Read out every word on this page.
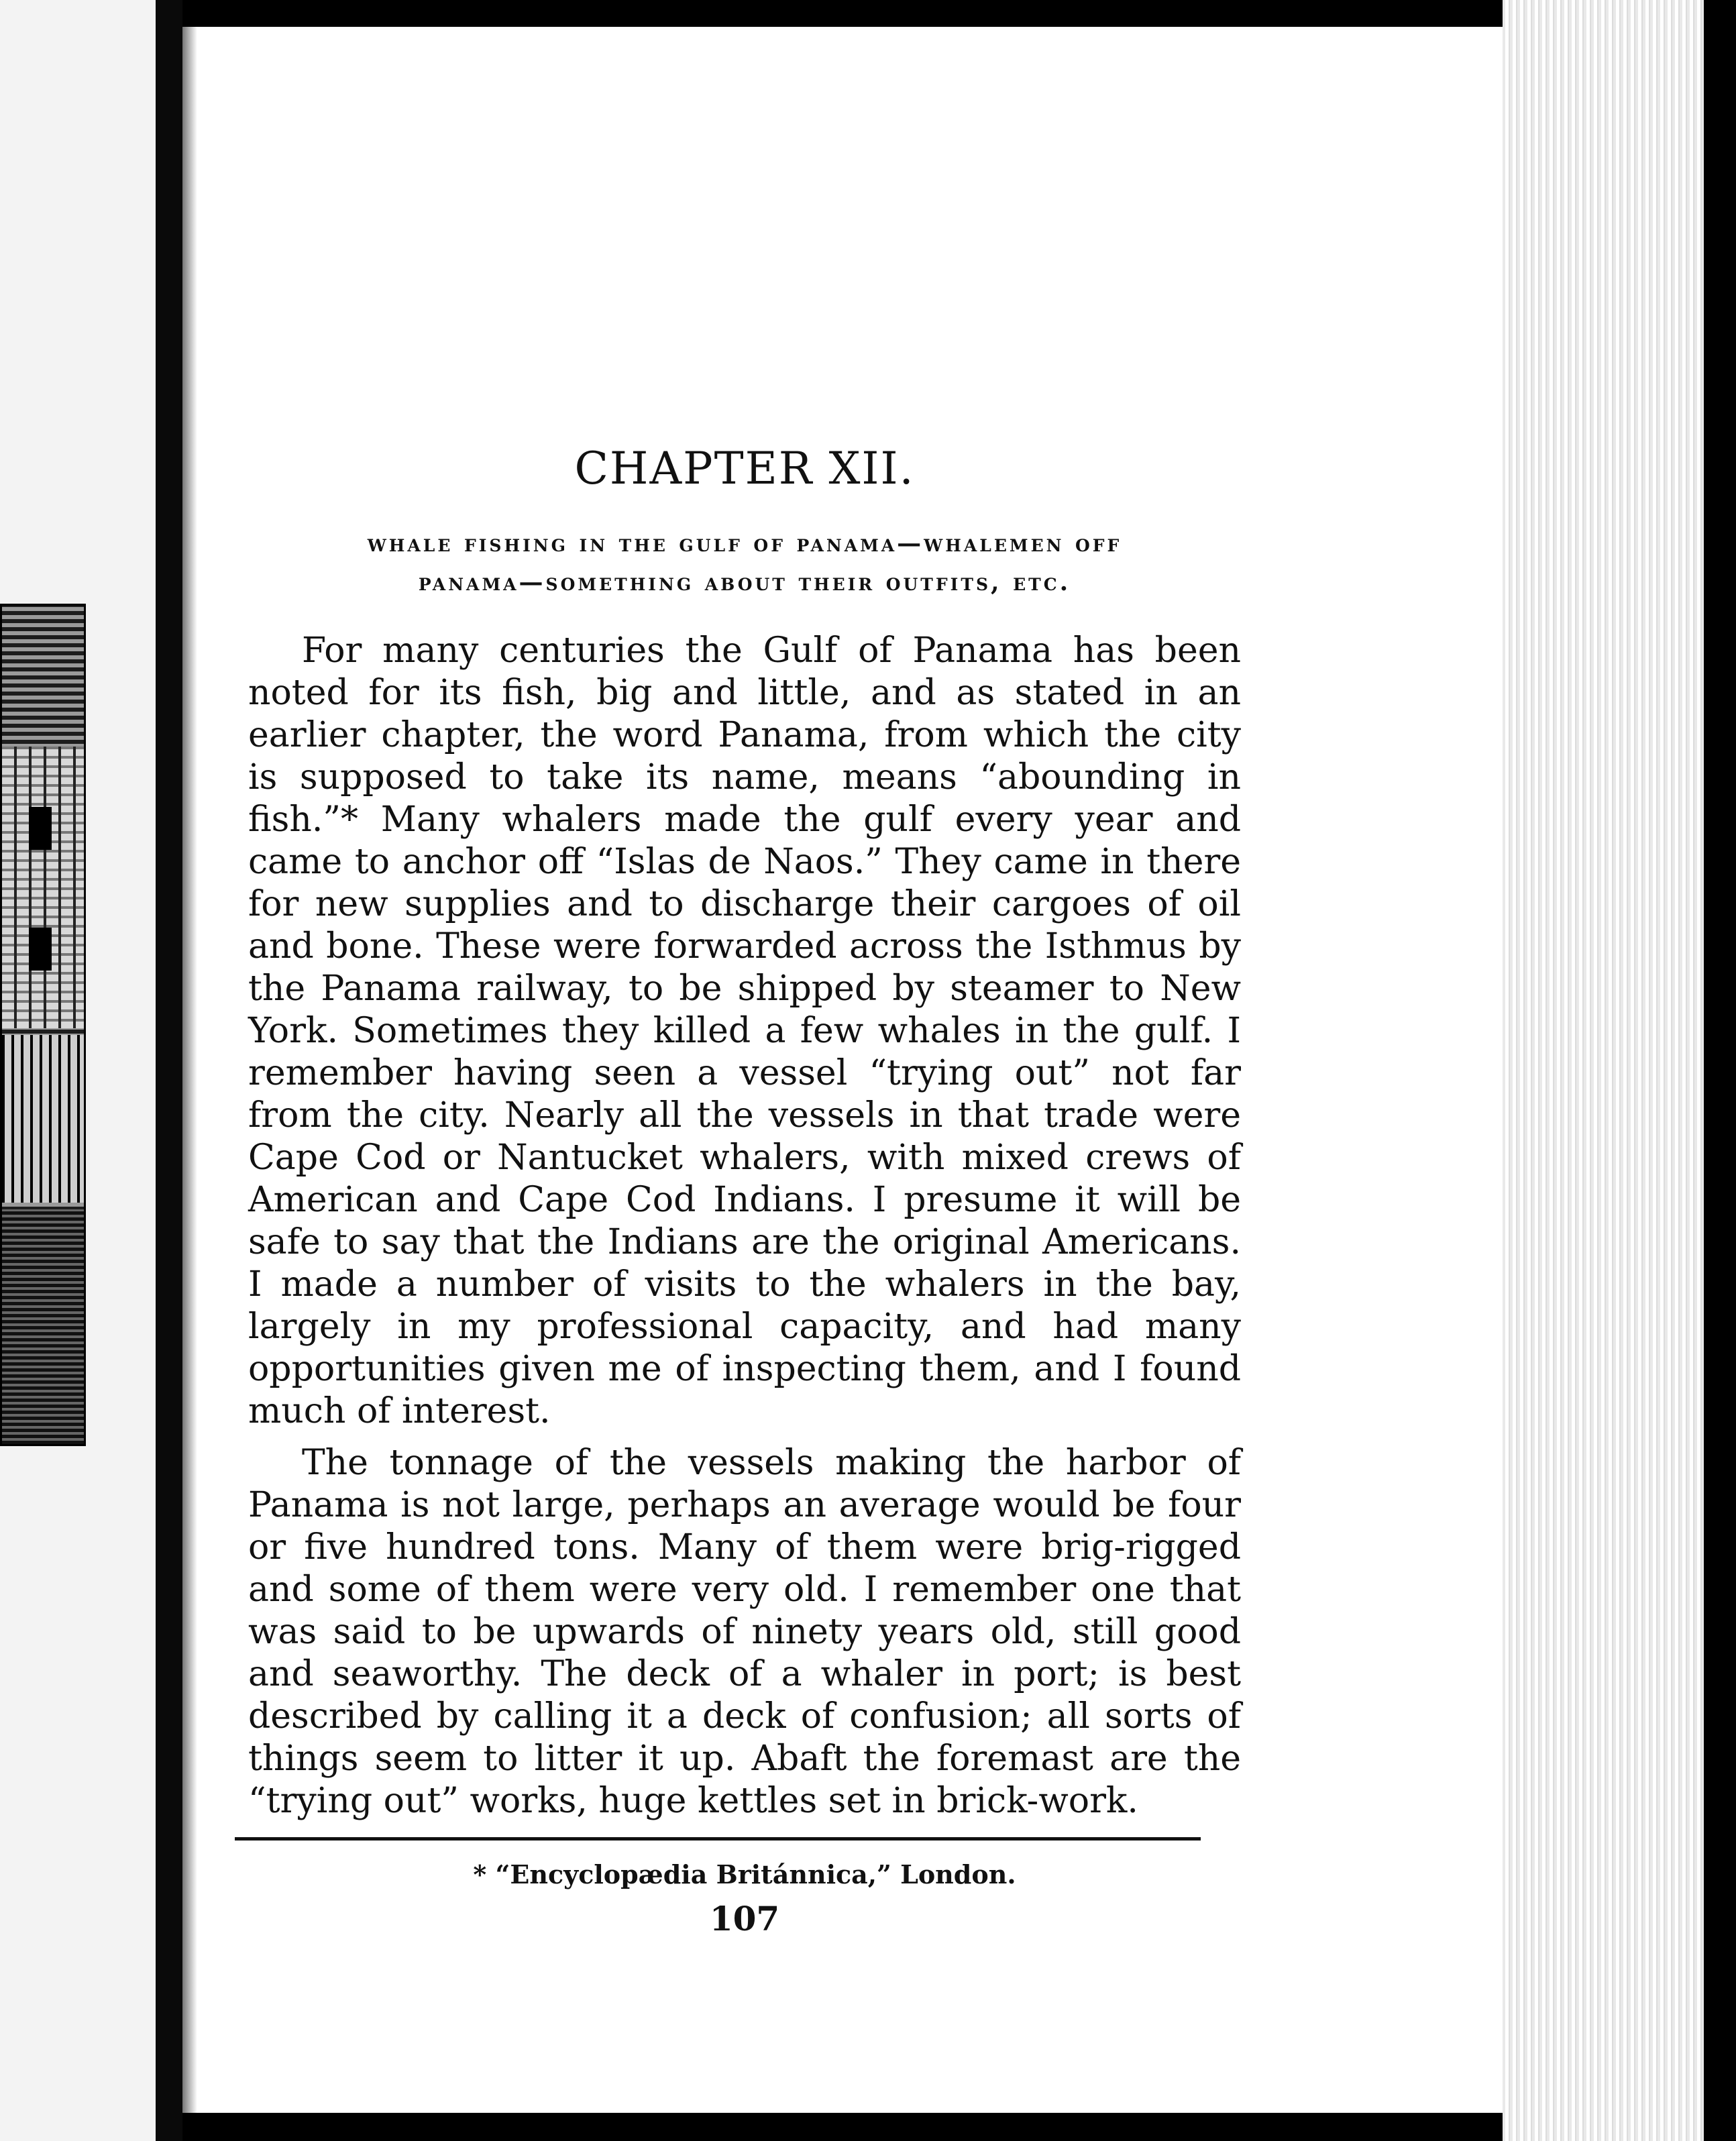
CHAPTER XII.
whale fishing in the gulf of panama—whalemen off
panama—something about their outfits, etc.

For many centuries the Gulf of Panama has been noted for its fish, big and little, and as stated in an earlier chapter, the word Panama, from which the city is supposed to take its name, means “abounding in fish.”* Many whalers made the gulf every year and came to anchor off “Islas de Naos.” They came in there for new supplies and to discharge their cargoes of oil and bone. These were forwarded across the Isthmus by the Panama railway, to be shipped by steamer to New York. Sometimes they killed a few whales in the gulf. I remember having seen a vessel “trying out” not far from the city. Nearly all the vessels in that trade were Cape Cod or Nantucket whalers, with mixed crews of American and Cape Cod Indians. I presume it will be safe to say that the Indians are the original Americans. I made a number of visits to the whalers in the bay, largely in my professional capacity, and had many opportunities given me of inspecting them, and I found much of interest.

The tonnage of the vessels making the harbor of Panama is not large, perhaps an average would be four or five hundred tons. Many of them were brig-rigged and some of them were very old. I remember one that was said to be upwards of ninety years old, still good and seaworthy. The deck of a whaler in port; is best described by calling it a deck of confusion; all sorts of things seem to litter it up. Abaft the foremast are the “trying out” works, huge kettles set in brick-work.

* “Encyclopædia Británnica,” London.
107
